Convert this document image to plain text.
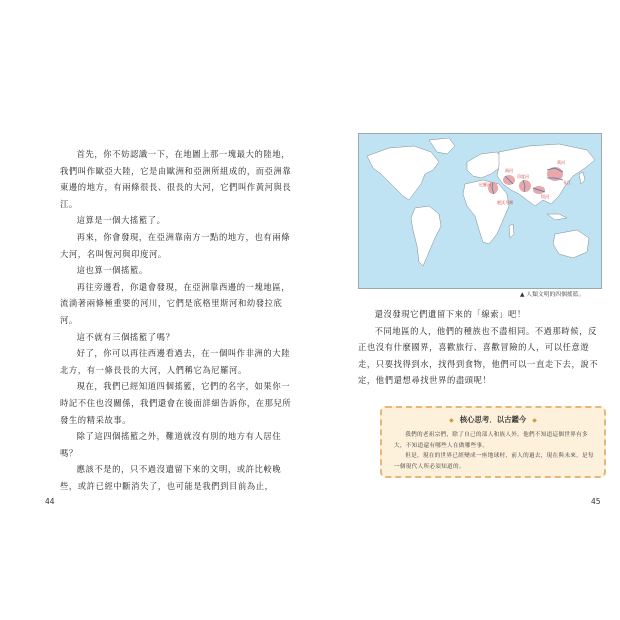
首先，你不妨認識一下，在地圖上那一塊最大的陸地，我們叫作歐亞大陸，它是由歐洲和亞洲所組成的，而亞洲靠東邊的地方，有兩條很長、很長的大河，它們叫作黃河與長江。

這算是一個大搖籃了。

再來，你會發現，在亞洲靠南方一點的地方，也有兩條大河，名叫恆河與印度河。

這也算一個搖籃。

再往旁邊看，你還會發現，在亞洲靠西邊的一塊地區，流淌著兩條極重要的河川，它們是底格里斯河和幼發拉底河。

這不就有三個搖籃了嗎？

好了，你可以再往西邊看過去，在一個叫作非洲的大陸北方，有一條長長的大河，人們稱它為尼羅河。

現在，我們已經知道四個搖籃，它們的名字，如果你一時記不住也沒關係，我們還會在後面詳細告訴你，在那兒所發生的精采故事。

除了這四個搖籃之外，難道就沒有別的地方有人居住嗎？

應該不是的，只不過沒遺留下來的文明，或許比較晚些，或許已經中斷消失了，也可能是我們到目前為止，

44
黃河
長江
兩河
印度河
恆河
尼羅河
肥沃月灣
▲ 人類文明的四個搖籃。

還沒發現它們遺留下來的「線索」吧！

不同地區的人，他們的種族也不盡相同。不過那時候，反正也沒有什麼國界，喜歡旅行、喜歡冒險的人，可以任意遊走，只要找得到水，找得到食物，他們可以一直走下去，說不定，他們還想尋找世界的盡頭呢！

◆ 核心思考．以古鑑今 ◆

我們的老祖宗們，除了自己的部人和族人外，他們不知道這個世界有多大，不知道還有哪些人在做哪些事。

但是，現在的世界已經變成一座地球村，前人的過去，現在與未來，是每一個現代人所必須知道的。

45
